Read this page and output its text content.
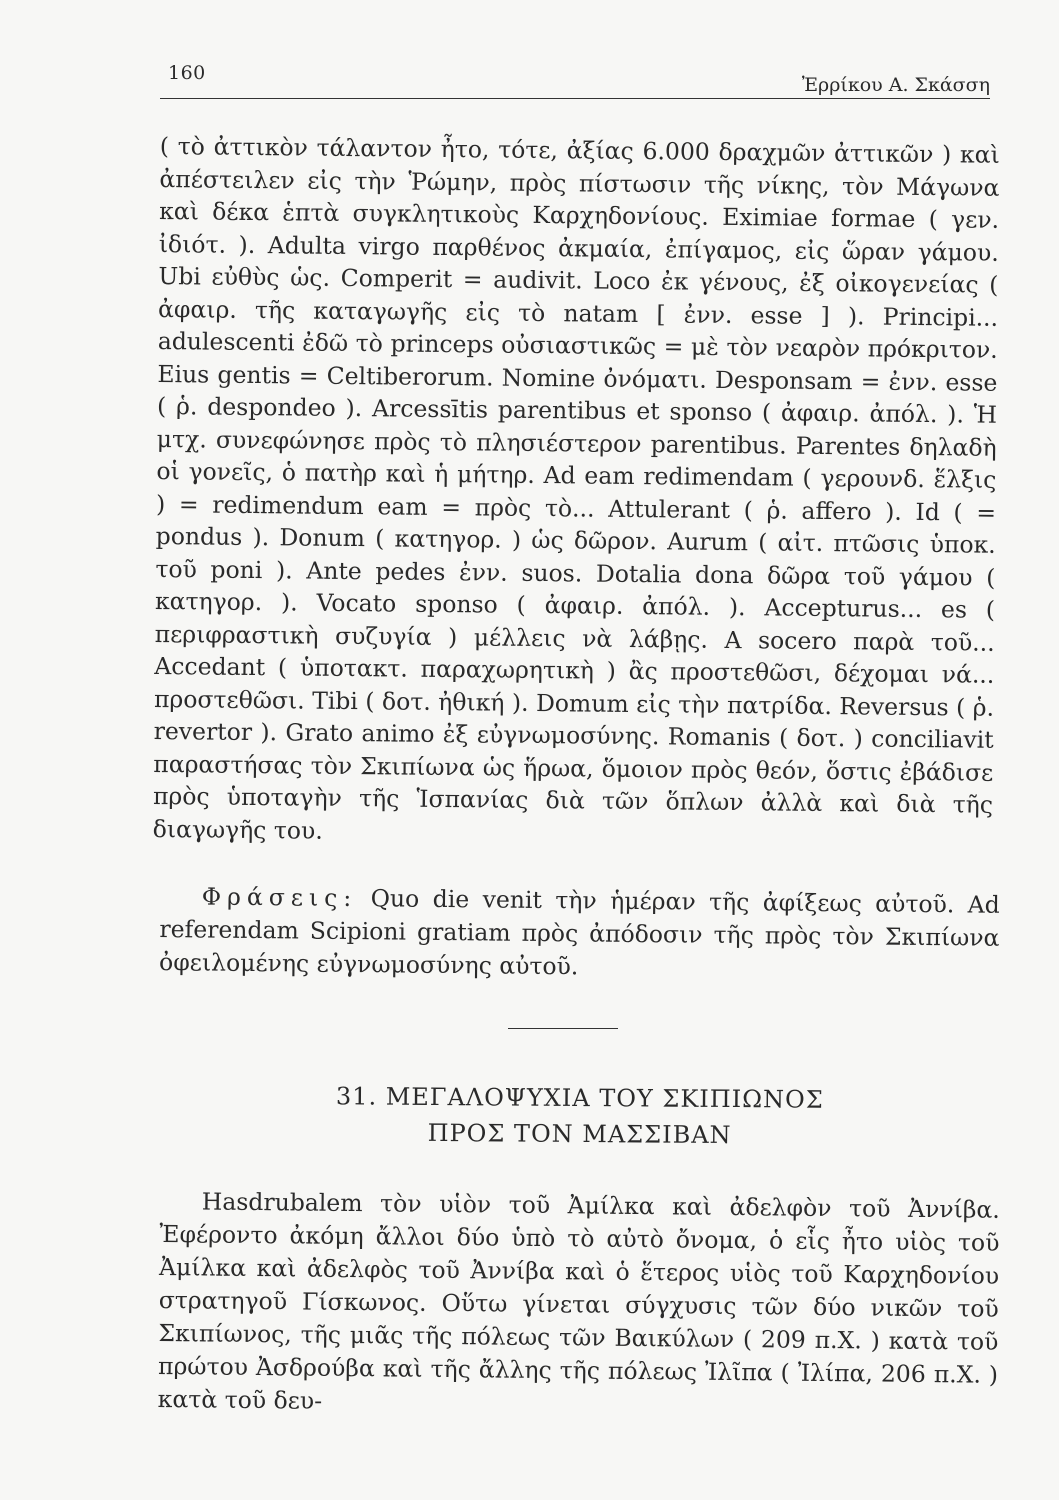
160
Ἐρρίκου Α. Σκάσση

( τὸ ἀττικὸν τάλαντον ἦτο, τότε, ἀξίας 6.000 δραχμῶν ἀττικῶν ) καὶ ἀπέστειλεν εἰς τὴν Ῥώμην, πρὸς πίστωσιν τῆς νίκης, τὸν Μάγωνα καὶ δέκα ἑπτὰ συγκλητικοὺς Καρχηδονίους. Eximiae formae ( γεν. ἰδιότ. ). Adulta virgo παρθένος ἀκμαία, ἐπίγαμος, εἰς ὥραν γάμου. Ubi εὐθὺς ὡς. Comperit = audivit. Loco ἐκ γένους, ἐξ οἰκογενείας ( ἀφαιρ. τῆς καταγωγῆς εἰς τὸ natam [ ἐνν. esse ] ). Principi... adulescenti ἐδῶ τὸ princeps οὐσιαστικῶς = μὲ τὸν νεαρὸν πρόκριτον. Eius gentis = Celtiberorum. Nomine ὀνόματι. Desponsam = ἐνν. esse ( ῥ. despondeo ). Arcessītis parentibus et sponso ( ἀφαιρ. ἀπόλ. ). Ἡ μτχ. συνεφώνησε πρὸς τὸ πλησιέστερον parentibus. Parentes δηλαδὴ οἱ γονεῖς, ὁ πατὴρ καὶ ἡ μήτηρ. Ad eam redimendam ( γερουνδ. ἕλξις ) = redimendum eam = πρὸς τὸ... Attulerant ( ῥ. affero ). Id ( = pondus ). Donum ( κατηγορ. ) ὡς δῶρον. Aurum ( αἰτ. πτῶσις ὑποκ. τοῦ poni ). Ante pedes ἐνν. suos. Dotalia dona δῶρα τοῦ γάμου ( κατηγορ. ). Vocato sponso ( ἀφαιρ. ἀπόλ. ). Accepturus... es ( περιφραστικὴ συζυγία ) μέλλεις νὰ λάβῃς. A socero παρὰ τοῦ... Accedant ( ὑποτακτ. παραχωρητικὴ ) ἂς προστεθῶσι, δέχομαι νά... προστεθῶσι. Tibi ( δοτ. ἠθική ). Domum εἰς τὴν πατρίδα. Reversus ( ῥ. revertor ). Grato animo ἐξ εὐγνωμοσύνης. Romanis ( δοτ. ) conciliavit παραστήσας τὸν Σκιπίωνα ὡς ἥρωα, ὅμοιον πρὸς θεόν, ὅστις ἐβάδισε πρὸς ὑποταγὴν τῆς Ἱσπανίας διὰ τῶν ὅπλων ἀλλὰ καὶ διὰ τῆς διαγωγῆς του.

Φράσεις: Quo die venit τὴν ἡμέραν τῆς ἀφίξεως αὐτοῦ. Ad referendam Scipioni gratiam πρὸς ἀπόδοσιν τῆς πρὸς τὸν Σκιπίωνα ὀφειλομένης εὐγνωμοσύνης αὐτοῦ.

31. ΜΕΓΑΛΟΨΥΧΙΑ ΤΟΥ ΣΚΙΠΙΩΝΟΣ
ΠΡΟΣ ΤΟΝ ΜΑΣΣΙΒΑΝ

Hasdrubalem τὸν υἱὸν τοῦ Ἀμίλκα καὶ ἀδελφὸν τοῦ Ἀννίβα. Ἐφέροντο ἀκόμη ἄλλοι δύο ὑπὸ τὸ αὐτὸ ὄνομα, ὁ εἷς ἦτο υἱὸς τοῦ Ἀμίλκα καὶ ἀδελφὸς τοῦ Ἀννίβα καὶ ὁ ἕτερος υἱὸς τοῦ Καρχηδονίου στρατηγοῦ Γίσκωνος. Οὕτω γίνεται σύγχυσις τῶν δύο νικῶν τοῦ Σκιπίωνος, τῆς μιᾶς τῆς πόλεως τῶν Βαικύλων ( 209 π.Χ. ) κατὰ τοῦ πρώτου Ἀσδρούβα καὶ τῆς ἄλλης τῆς πόλεως Ἰλῖπα ( Ἰλίπα, 206 π.Χ. ) κατὰ τοῦ δευ-
